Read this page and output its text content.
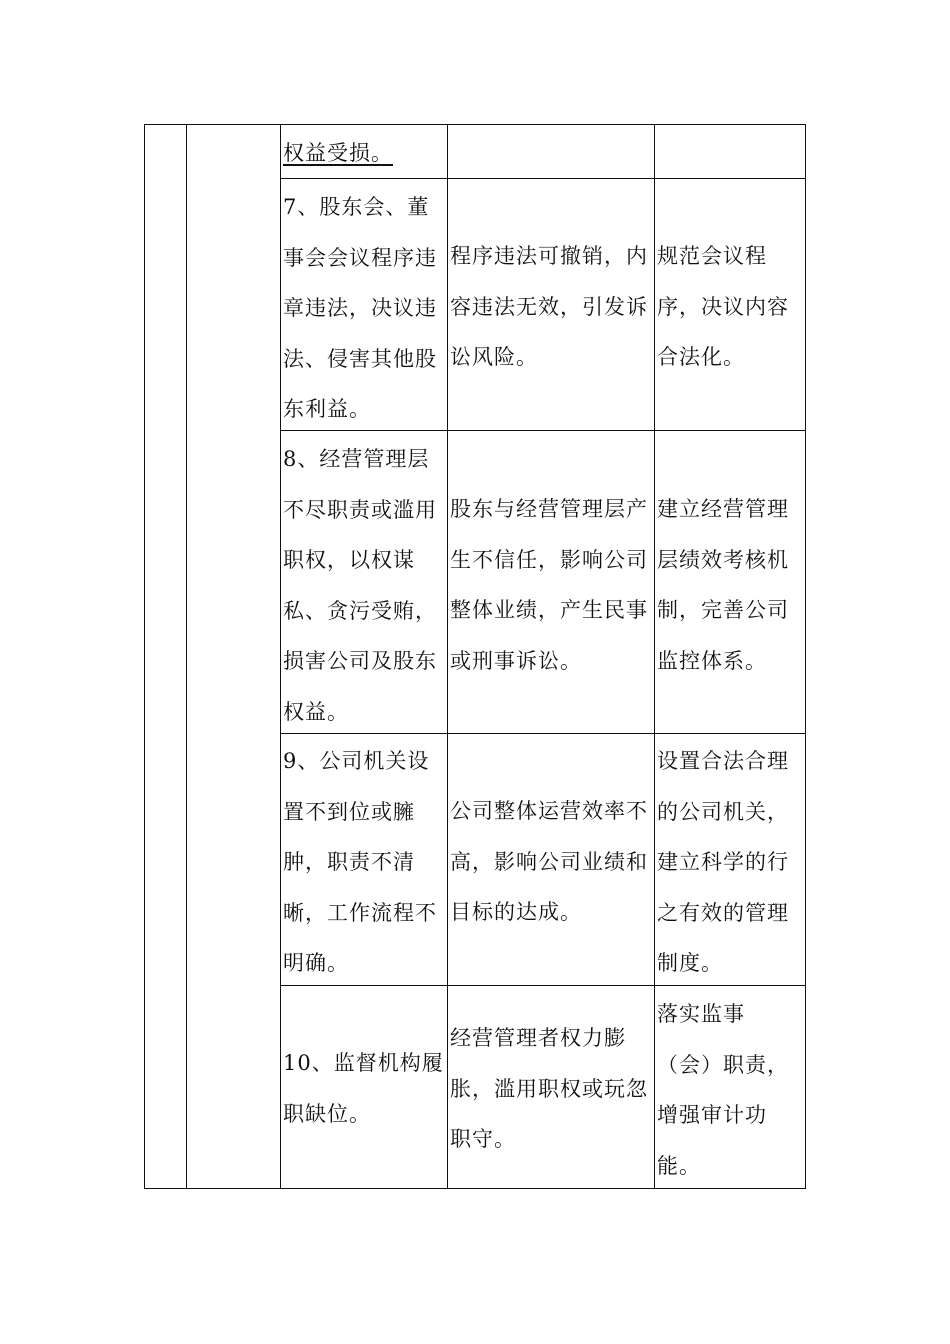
权益受损。
7、股东会、董
事会会议程序违
章违法，决议违
法、侵害其他股
东利益。
程序违法可撤销，内
容违法无效，引发诉
讼风险。
规范会议程
序，决议内容
合法化。
8、经营管理层
不尽职责或滥用
职权，以权谋
私、贪污受贿，
损害公司及股东
权益。
股东与经营管理层产
生不信任，影响公司
整体业绩，产生民事
或刑事诉讼。
建立经营管理
层绩效考核机
制，完善公司
监控体系。
9、公司机关设
置不到位或臃
肿，职责不清
晰，工作流程不
明确。
公司整体运营效率不
高，影响公司业绩和
目标的达成。
设置合法合理
的公司机关，
建立科学的行
之有效的管理
制度。
10、监督机构履
职缺位。
经营管理者权力膨
胀，滥用职权或玩忽
职守。
落实监事
（会）职责，
增强审计功
能。
